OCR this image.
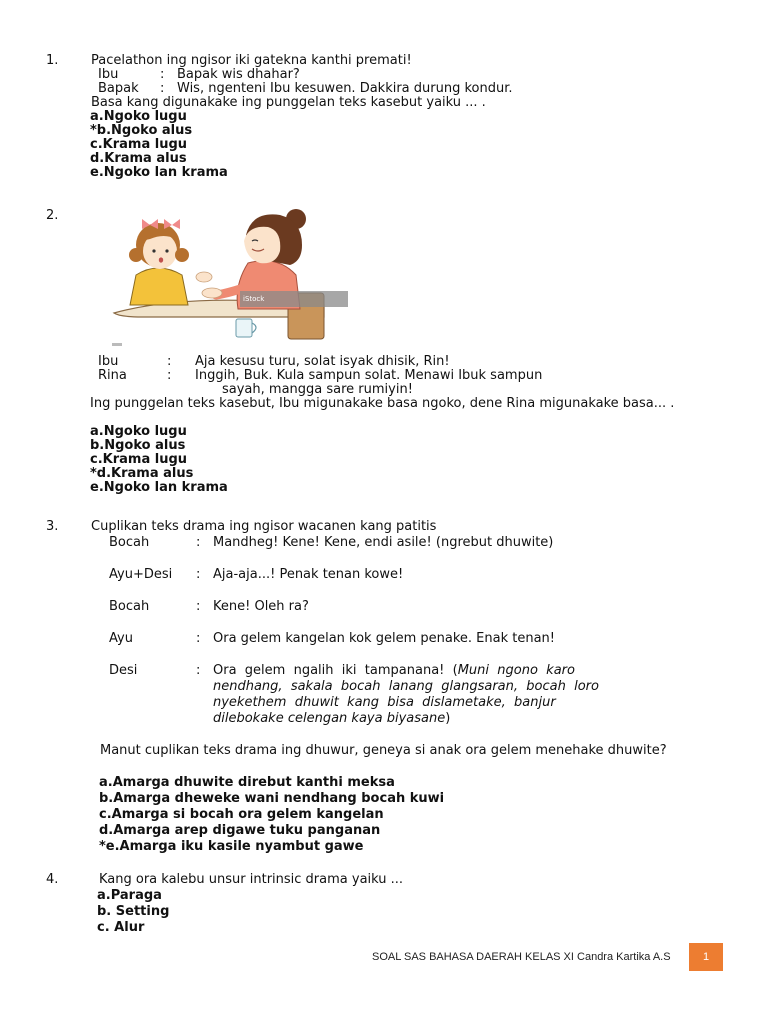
1.	Pacelathon ing ngisor iki gatekna kanthi premati!
Ibu	: Bapak wis dhahar?
Bapak : Wis, ngenteni Ibu kesuwen. Dakkira durung kondur.
Basa kang digunakake ing punggelan teks kasebut yaiku ... .
a.Ngoko lugu
*b.Ngoko alus
c.Krama lugu
d.Krama alus
e.Ngoko lan krama
2.
iStock
Ibu	: Aja kesusu turu, solat isyak dhisik, Rin!
Rina	: Inggih, Buk. Kula sampun solat. Menawi Ibuk sampun
sayah, mangga sare rumiyin!
Ing punggelan teks kasebut, Ibu migunakake basa ngoko, dene Rina migunakake basa... .
a.Ngoko lugu
b.Ngoko alus
c.Krama lugu
*d.Krama alus
e.Ngoko lan krama
3.	Cuplikan teks drama ing ngisor wacanen kang patitis
Bocah	: Mandheg! Kene! Kene, endi asile! (ngrebut dhuwite)
Ayu+Desi : Aja-aja...! Penak tenan kowe!
Bocah	: Kene! Oleh ra?
Ayu	: Ora gelem kangelan kok gelem penake. Enak tenan!
Desi	: Ora  gelem  ngalih  iki  tampanana!  (Muni  ngono  karo
nendhang,  sakala  bocah  lanang  glangsaran,  bocah  loro
nyekethem  dhuwit  kang  bisa  dislametake,  banjur
dilebokake celengan kaya biyasane)
Manut cuplikan teks drama ing dhuwur, geneya si anak ora gelem menehake dhuwite?
a.Amarga dhuwite direbut kanthi meksa
b.Amarga dheweke wani nendhang bocah kuwi
c.Amarga si bocah ora gelem kangelan
d.Amarga arep digawe tuku panganan
*e.Amarga iku kasile nyambut gawe
4.	Kang ora kalebu unsur intrinsic drama yaiku ...
a.Paraga
b. Setting
c. Alur
SOAL SAS BAHASA DAERAH KELAS XI Candra Kartika A.S	1
